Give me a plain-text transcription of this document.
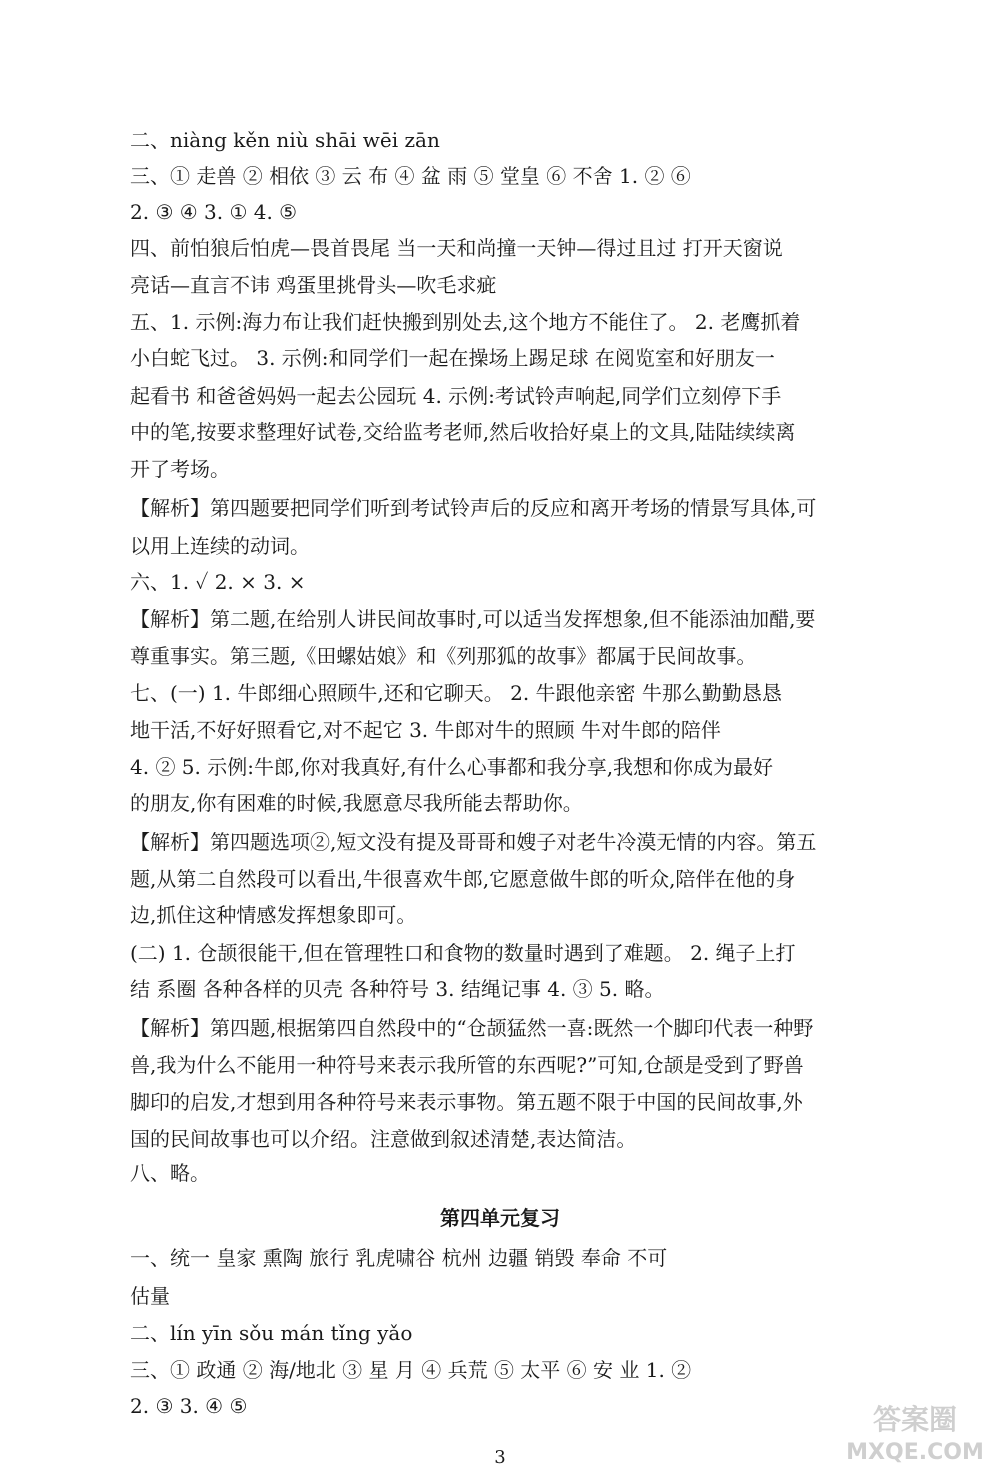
二、niàng kěn niù shāi wēi zān
三、① 走兽 ② 相依 ③ 云 布 ④ 盆 雨 ⑤ 堂皇 ⑥ 不舍 1. ② ⑥
2. ③ ④ 3. ① 4. ⑤
四、前怕狼后怕虎—畏首畏尾 当一天和尚撞一天钟—得过且过 打开天窗说
亮话—直言不讳 鸡蛋里挑骨头—吹毛求疵
五、1. 示例:海力布让我们赶快搬到别处去,这个地方不能住了。 2. 老鹰抓着
小白蛇飞过。 3. 示例:和同学们一起在操场上踢足球 在阅览室和好朋友一
起看书 和爸爸妈妈一起去公园玩 4. 示例:考试铃声响起,同学们立刻停下手
中的笔,按要求整理好试卷,交给监考老师,然后收拾好桌上的文具,陆陆续续离
开了考场。
【解析】第四题要把同学们听到考试铃声后的反应和离开考场的情景写具体,可
以用上连续的动词。
六、1. ✓ 2. × 3. ×
【解析】第二题,在给别人讲民间故事时,可以适当发挥想象,但不能添油加醋,要
尊重事实。第三题,《田螺姑娘》和《列那狐的故事》都属于民间故事。
七、(一) 1. 牛郎细心照顾牛,还和它聊天。 2. 牛跟他亲密 牛那么勤勤恳恳
地干活,不好好照看它,对不起它 3. 牛郎对牛的照顾 牛对牛郎的陪伴
4. ② 5. 示例:牛郎,你对我真好,有什么心事都和我分享,我想和你成为最好
的朋友,你有困难的时候,我愿意尽我所能去帮助你。
【解析】第四题选项②,短文没有提及哥哥和嫂子对老牛冷漠无情的内容。第五
题,从第二自然段可以看出,牛很喜欢牛郎,它愿意做牛郎的听众,陪伴在他的身
边,抓住这种情感发挥想象即可。
(二) 1. 仓颉很能干,但在管理牲口和食物的数量时遇到了难题。 2. 绳子上打
结 系圈 各种各样的贝壳 各种符号 3. 结绳记事 4. ③ 5. 略。
【解析】第四题,根据第四自然段中的“仓颉猛然一喜:既然一个脚印代表一种野
兽,我为什么不能用一种符号来表示我所管的东西呢?”可知,仓颉是受到了野兽
脚印的启发,才想到用各种符号来表示事物。第五题不限于中国的民间故事,外
国的民间故事也可以介绍。注意做到叙述清楚,表达简洁。
八、略。
第四单元复习
一、统一 皇家 熏陶 旅行 乳虎啸谷 杭州 边疆 销毁 奉命 不可
估量
二、lín yīn sǒu mán tǐng yǎo
三、① 政通 ② 海/地北 ③ 星 月 ④ 兵荒 ⑤ 太平 ⑥ 安 业 1. ②
2. ③ 3. ④ ⑤
3
答案圈
MXQE.COM
